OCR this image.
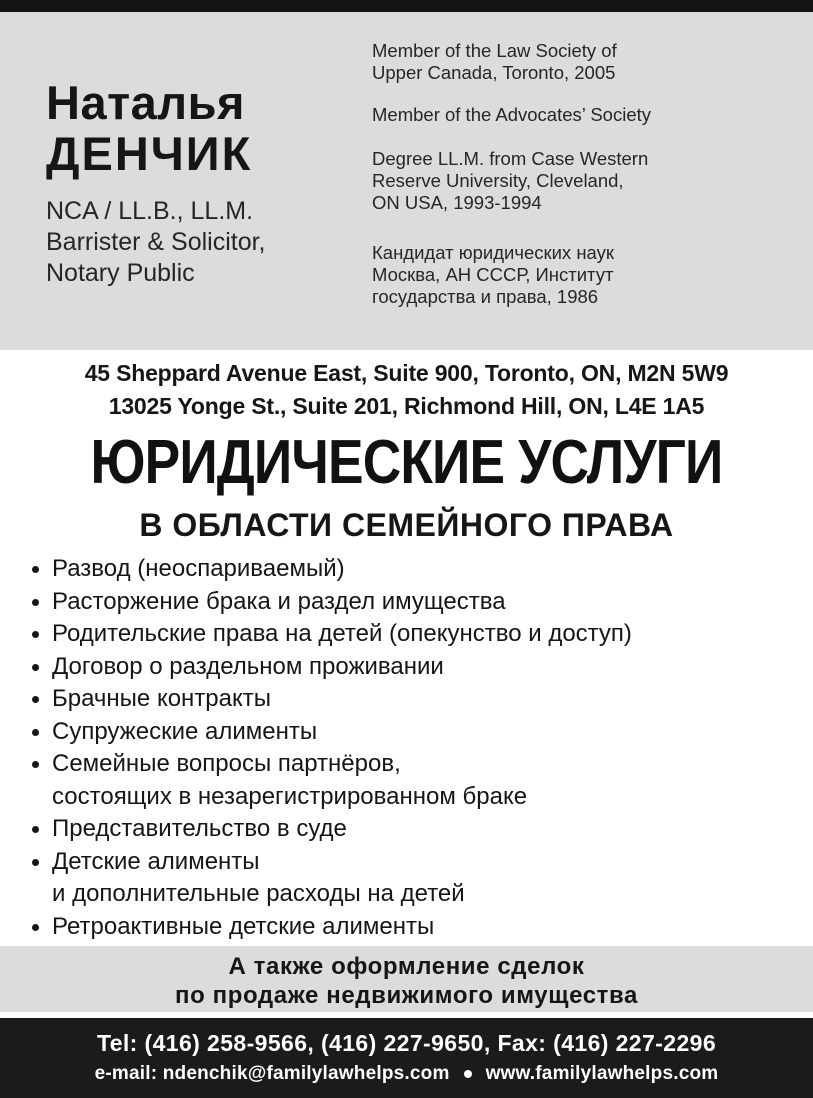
Наталья
ДЕНЧИК
NCA / LL.B., LL.M.
Barrister & Solicitor,
Notary Public
Member of the Law Society of
Upper Canada, Toronto, 2005
Member of the Advocates’ Society
Degree LL.M. from Case Western
Reserve University, Cleveland,
ON USA, 1993-1994
Кандидат юридических наук
Москва, АН СССР, Институт
государства и права, 1986
45 Sheppard Avenue East, Suite 900, Toronto, ON, M2N 5W9
13025 Yonge St., Suite 201, Richmond Hill, ON, L4E 1A5
ЮРИДИЧЕСКИЕ УСЛУГИ
В ОБЛАСТИ СЕМЕЙНОГО ПРАВА
Развод (неоспариваемый)
Расторжение брака и раздел имущества
Родительские права на детей (опекунство и доступ)
Договор о раздельном проживании
Брачные контракты
Супружеские алименты
Семейные вопросы партнёров,
состоящих в незарегистрированном браке
Представительство в суде
Детские алименты
и дополнительные расходы на детей
Ретроактивные детские алименты
А также оформление сделок
по продаже недвижимого имущества
Tel: (416) 258-9566, (416) 227-9650, Fax: (416) 227-2296
e-mail: ndenchik@familylawhelps.com www.familylawhelps.com
